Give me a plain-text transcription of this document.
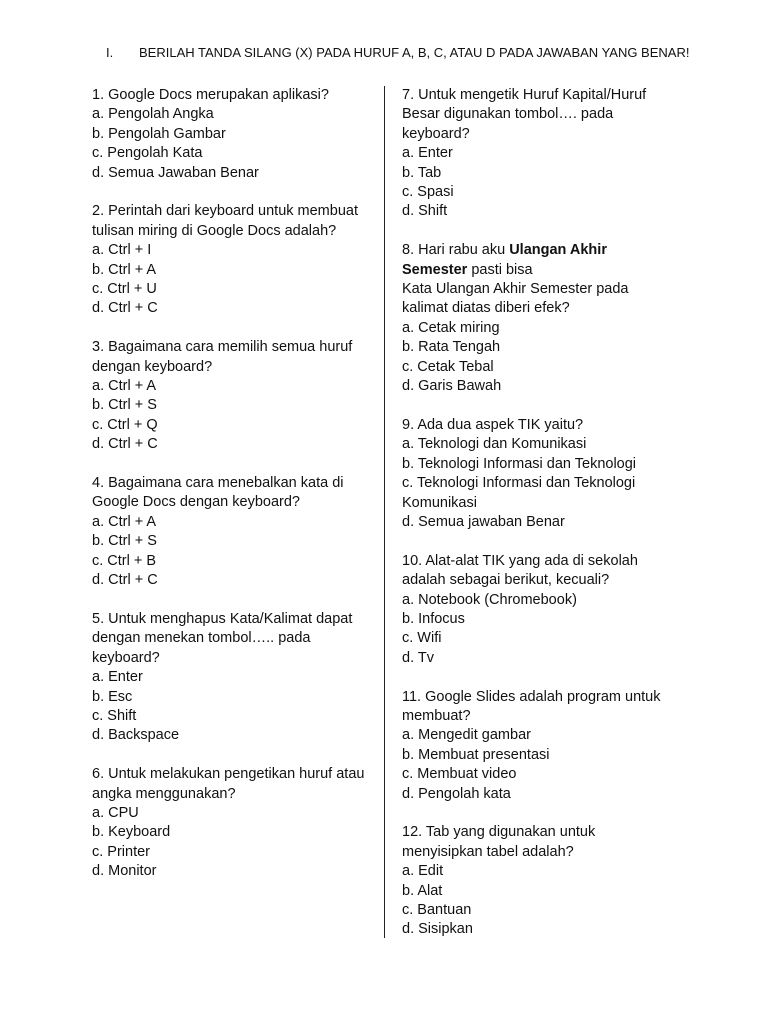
I. BERILAH TANDA SILANG (X) PADA HURUF A, B, C, ATAU D PADA JAWABAN YANG BENAR!

1. Google Docs merupakan aplikasi?

a. Pengolah Angka
b. Pengolah Gambar
c. Pengolah Kata
d. Semua Jawaban Benar

2. Perintah dari keyboard untuk membuat tulisan miring di Google Docs adalah?

a. Ctrl + I
b. Ctrl + A
c. Ctrl + U
d. Ctrl + C

3. Bagaimana cara memilih semua huruf dengan keyboard?

a. Ctrl + A
b. Ctrl + S
c. Ctrl + Q
d. Ctrl + C

4. Bagaimana cara menebalkan kata di Google Docs dengan keyboard?

a. Ctrl + A
b. Ctrl + S
c. Ctrl + B
d. Ctrl + C

5. Untuk menghapus Kata/Kalimat dapat dengan menekan tombol….. pada keyboard?

a. Enter
b. Esc
c. Shift
d. Backspace

6. Untuk melakukan pengetikan huruf atau angka menggunakan?

a. CPU
b. Keyboard
c. Printer
d. Monitor

7. Untuk mengetik Huruf Kapital/Huruf Besar digunakan tombol…. pada keyboard?

a. Enter
b. Tab
c. Spasi
d. Shift

8. Hari rabu aku Ulangan Akhir Semester pasti bisa

Kata Ulangan Akhir Semester pada kalimat diatas diberi efek?

a. Cetak miring
b. Rata Tengah
c. Cetak Tebal
d. Garis Bawah

9. Ada dua aspek TIK yaitu?

a. Teknologi dan Komunikasi
b. Teknologi Informasi dan Teknologi
c. Teknologi Informasi dan Teknologi Komunikasi
d. Semua jawaban Benar

10. Alat-alat TIK yang ada di sekolah adalah sebagai berikut, kecuali?

a. Notebook (Chromebook)
b. Infocus
c. Wifi
d. Tv

11. Google Slides adalah program untuk membuat?

a. Mengedit gambar
b. Membuat presentasi
c. Membuat video
d. Pengolah kata

12. Tab yang digunakan untuk menyisipkan tabel adalah?

a. Edit
b. Alat
c. Bantuan
d. Sisipkan
